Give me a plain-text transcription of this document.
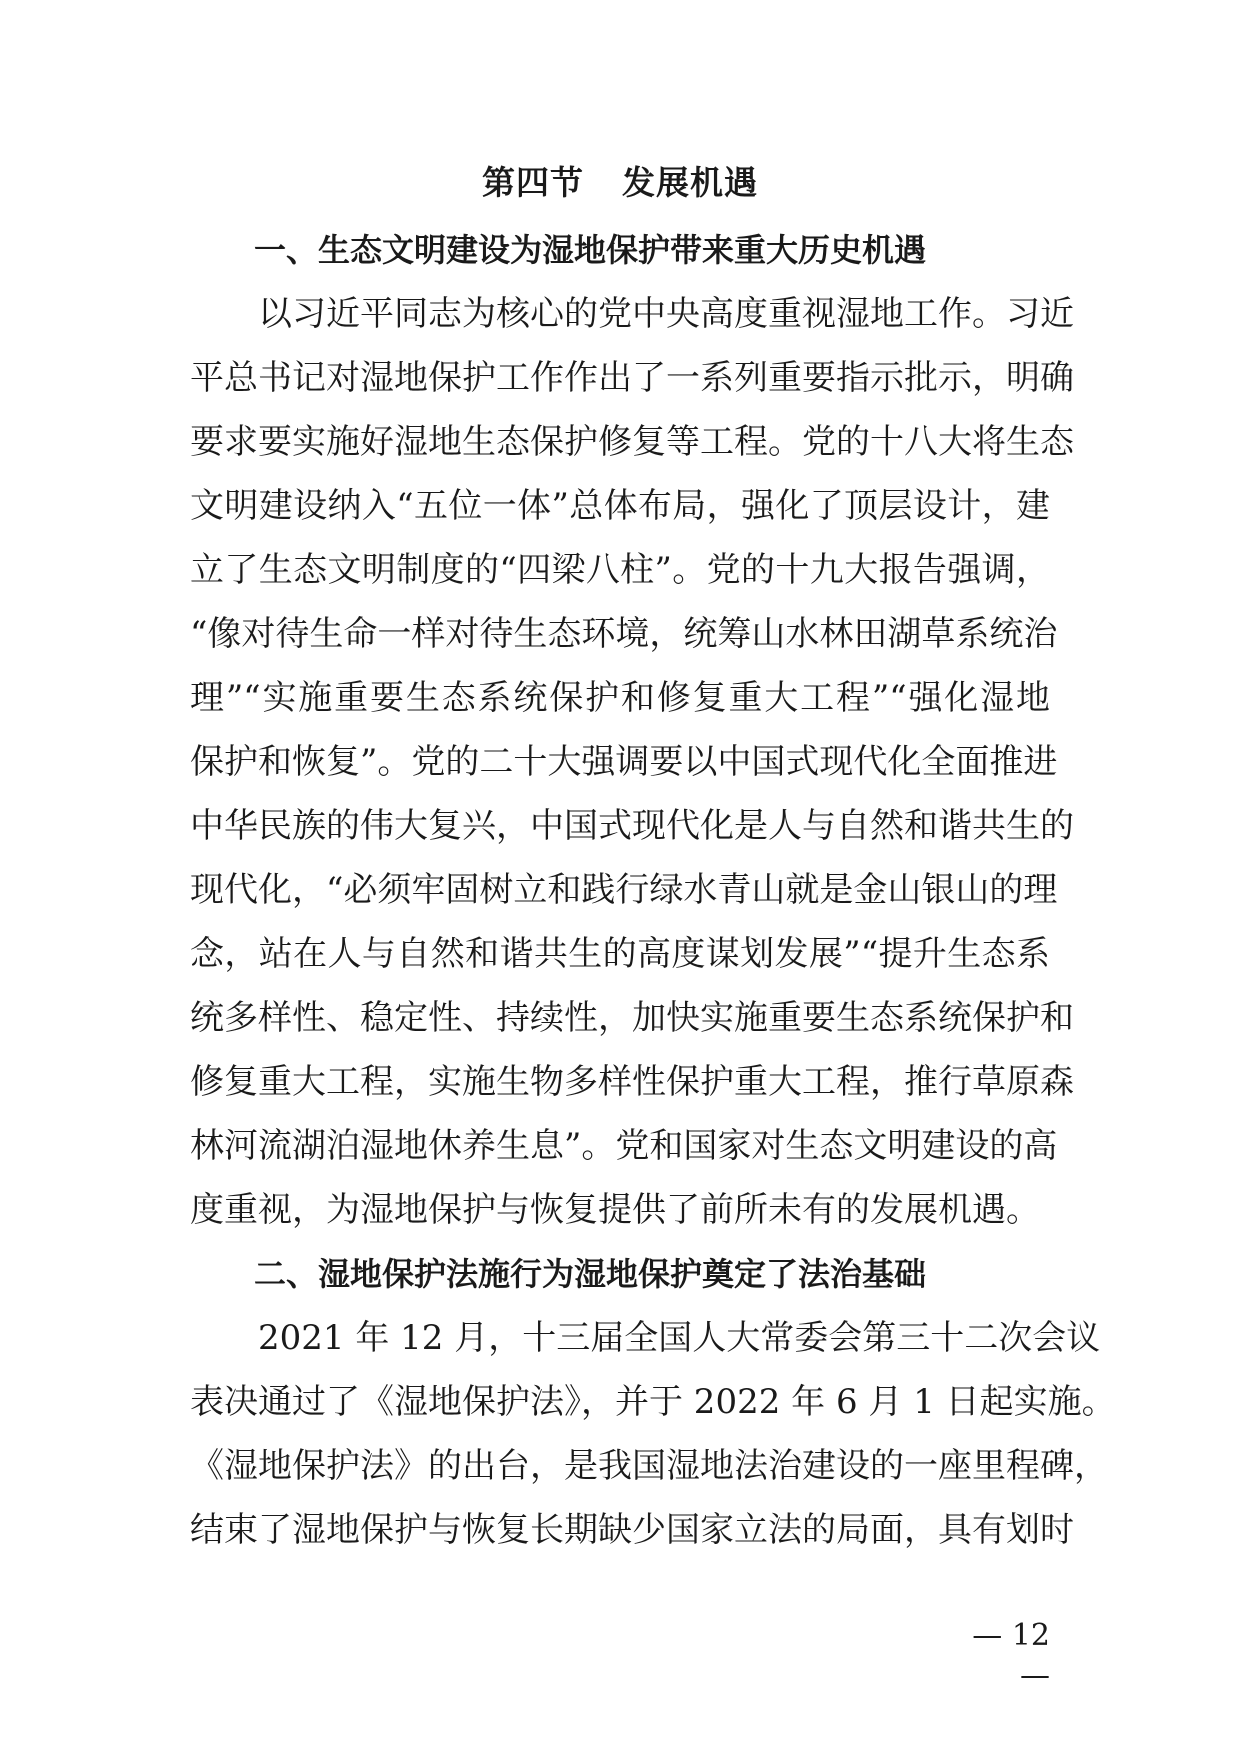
第四节 发展机遇
一、生态文明建设为湿地保护带来重大历史机遇
以习近平同志为核心的党中央高度重视湿地工作。习近
平总书记对湿地保护工作作出了一系列重要指示批示，明确
要求要实施好湿地生态保护修复等工程。党的十八大将生态
文明建设纳入“五位一体”总体布局，强化了顶层设计，建
立了生态文明制度的“四梁八柱”。党的十九大报告强调，
“像对待生命一样对待生态环境，统筹山水林田湖草系统治
理”“实施重要生态系统保护和修复重大工程”“强化湿地
保护和恢复”。党的二十大强调要以中国式现代化全面推进
中华民族的伟大复兴，中国式现代化是人与自然和谐共生的
现代化，“必须牢固树立和践行绿水青山就是金山银山的理
念，站在人与自然和谐共生的高度谋划发展”“提升生态系
统多样性、稳定性、持续性，加快实施重要生态系统保护和
修复重大工程，实施生物多样性保护重大工程，推行草原森
林河流湖泊湿地休养生息”。党和国家对生态文明建设的高
度重视，为湿地保护与恢复提供了前所未有的发展机遇。
二、湿地保护法施行为湿地保护奠定了法治基础
2021 年 12 月，十三届全国人大常委会第三十二次会议
表决通过了《湿地保护法》，并于 2022 年 6 月 1 日起实施。
《湿地保护法》的出台，是我国湿地法治建设的一座里程碑，
结束了湿地保护与恢复长期缺少国家立法的局面，具有划时
— 12 —
